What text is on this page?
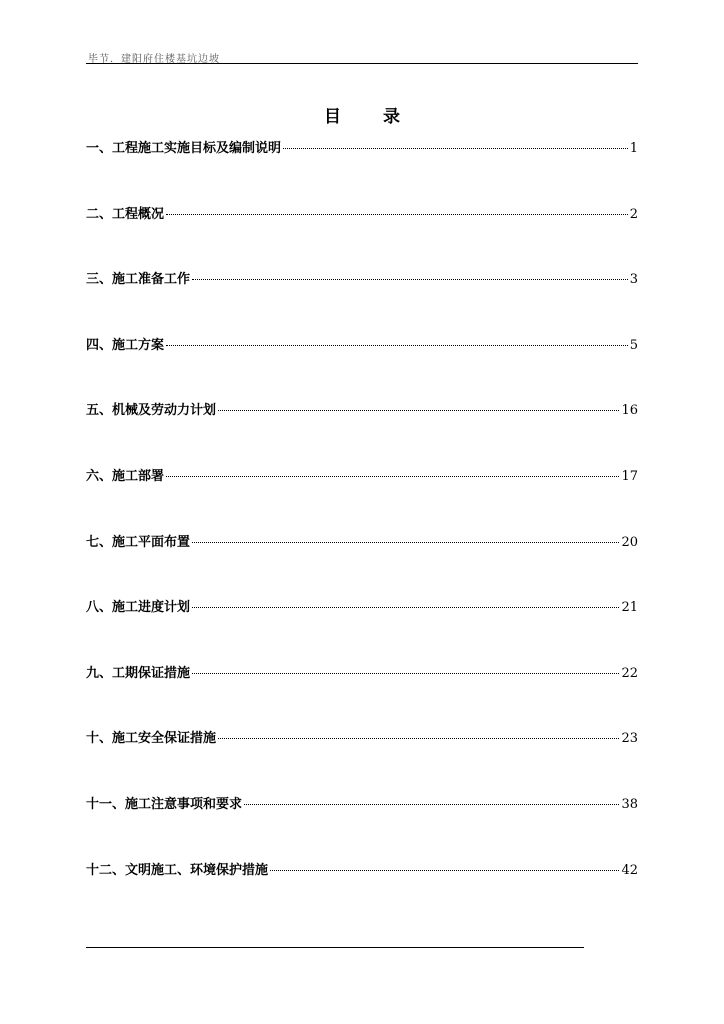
毕节．建阳府住楼基坑边坡
目 录
一、工程施工实施目标及编制说明	1
二、工程概况	2
三、施工准备工作	3
四、施工方案	5
五、机械及劳动力计划	16
六、施工部署	17
七、施工平面布置	20
八、施工进度计划	21
九、工期保证措施	22
十、施工安全保证措施	23
十一、施工注意事项和要求	38
十二、文明施工、环境保护措施	42
